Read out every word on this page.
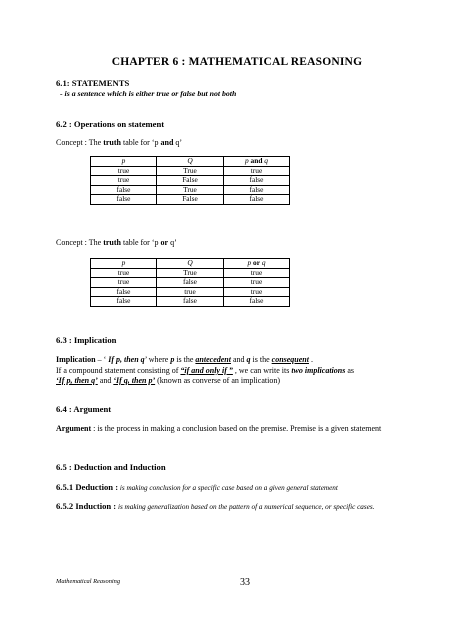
CHAPTER 6 : MATHEMATICAL REASONING
6.1: STATEMENTS
- is a sentence which is either true or false but not both
6.2 : Operations on statement
Concept : The truth table for ‘p and q’
p	Q	p and q
true	True	true
true	False	false
false	True	false
false	False	false
Concept : The truth table for ‘p or q’
p	Q	p or q
true	True	true
true	false	true
false	true	true
false	false	false
6.3 : Implication
Implication – ‘ If p, then q’ where p is the antecedent and q is the consequent .
If a compound statement consisting of “if and only if ” , we can write its two implications as
‘If p, then q’ and ‘If q, then p’ (known as converse of an implication)
6.4 : Argument
Argument : is the process in making a conclusion based on the premise. Premise is a given statement
6.5 : Deduction and Induction
6.5.1 Deduction : is making conclusion for a specific case based on a given general statement
6.5.2 Induction : is making generalization based on the pattern of a numerical sequence, or specific cases.
Mathematical Reasoning	33
